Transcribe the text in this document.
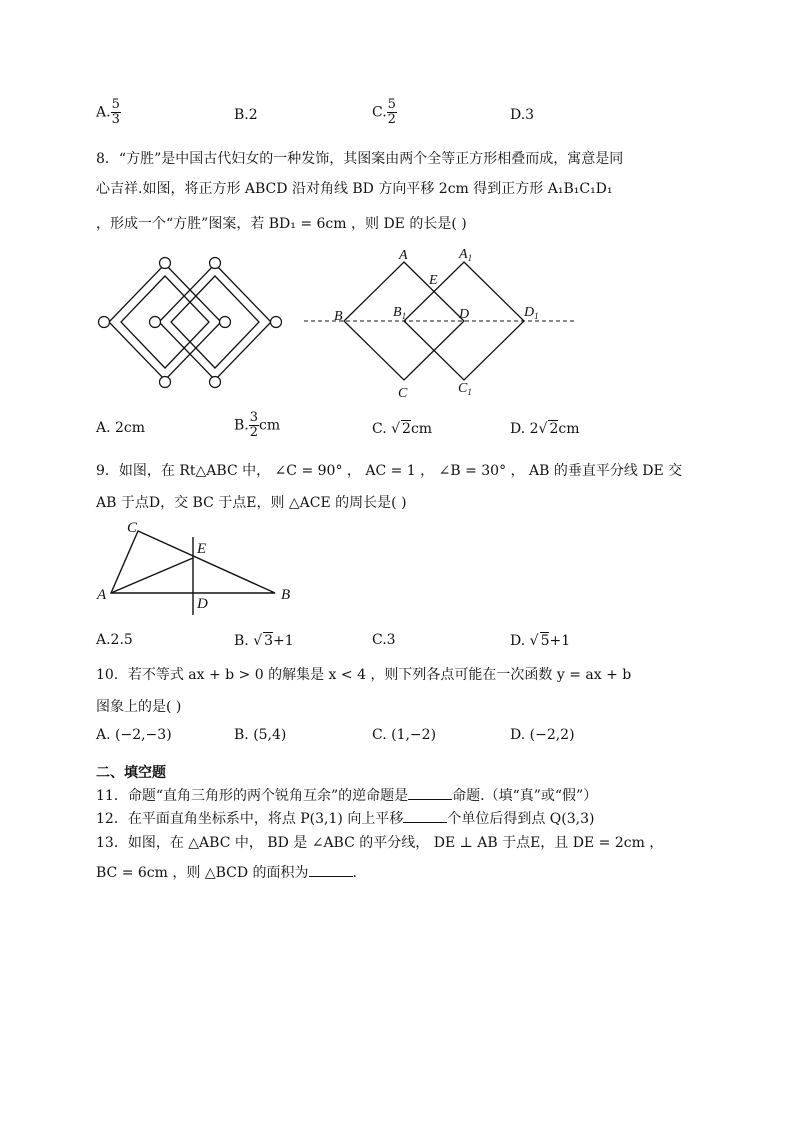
A. $\frac{5}{3}$	B.2	C. $\frac{5}{2}$	D.3
8．“方胜”是中国古代妇女的一种发饰，其图案由两个全等正方形相叠而成，寓意是同
心吉祥.如图，将正方形 ABCD 沿对角线 BD 方向平移 2cm 得到正方形 A₁B₁C₁D₁
，形成一个“方胜”图案，若 BD₁ = 6cm ，则 DE 的长是( )
A	$A_1$
E
B	$B_1$	D	$D_1$
C	$C_1$
A. 2cm	B. $\frac{3}{2}$ cm	C. √ 2cm	D. 2√ 2cm
9．如图，在 Rt△ABC 中， ∠C = 90° ， AC = 1 ， ∠B = 30° ， AB 的垂直平分线 DE 交
AB 于点D，交 BC 于点E，则 △ACE 的周长是( )
C
E
A
D
B
A.2.5	B. √ 3+1	C.3	D. √ 5+1
10．若不等式 ax + b > 0 的解集是 x < 4 ，则下列各点可能在一次函数 y = ax + b
图象上的是( )
A. (−2,−3)	B. (5,4)	C. (1,−2)	D. (−2,2)
二、填空题
11．命题“直角三角形的两个锐角互余”的逆命题是	命题.（填“真”或“假”）
12．在平面直角坐标系中，将点 P(3,1) 向上平移	个单位后得到点 Q(3,3)
13．如图，在 △ABC 中， BD 是 ∠ABC 的平分线， DE ⊥ AB 于点E，且 DE = 2cm ，
BC = 6cm ，则 △BCD 的面积为	.
